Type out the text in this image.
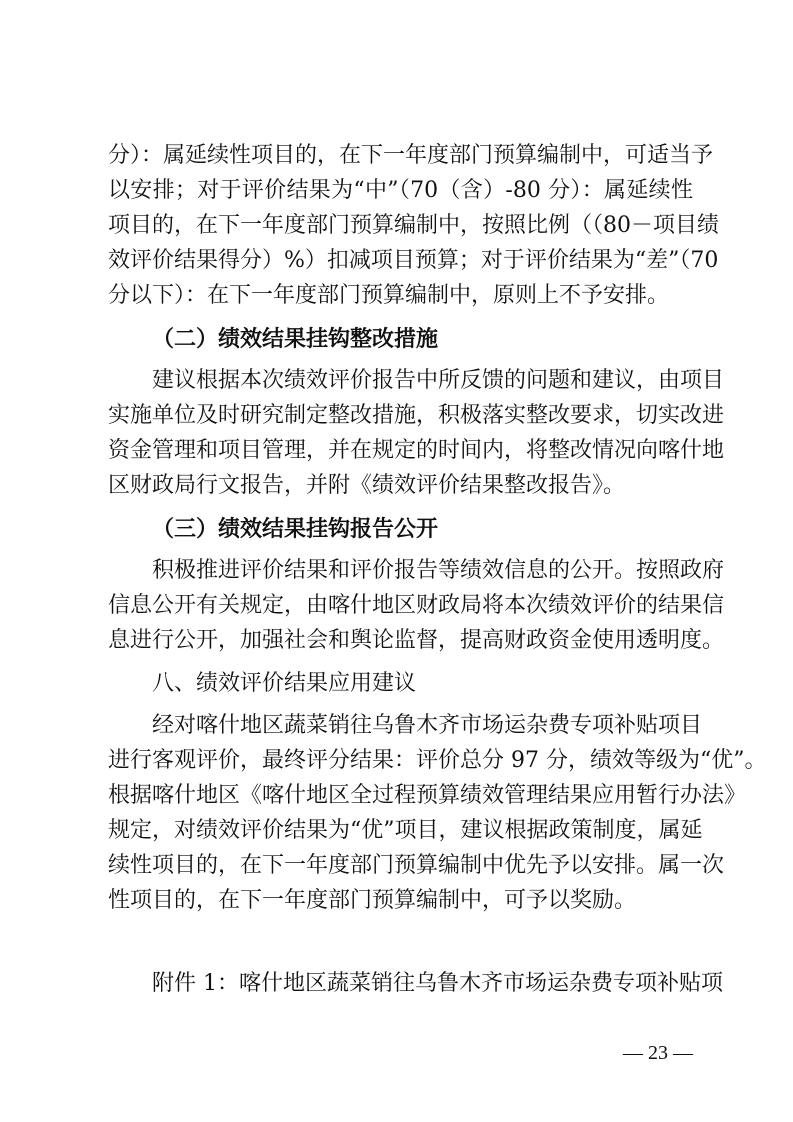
分）：属延续性项目的，在下一年度部门预算编制中，可适当予
以安排；对于评价结果为“中”（70（含）-80 分）：属延续性
项目的，在下一年度部门预算编制中，按照比例（（80－项目绩
效评价结果得分）%）扣减项目预算；对于评价结果为“差”（70
分以下）：在下一年度部门预算编制中，原则上不予安排。
（二）绩效结果挂钩整改措施
建议根据本次绩效评价报告中所反馈的问题和建议，由项目
实施单位及时研究制定整改措施，积极落实整改要求，切实改进
资金管理和项目管理，并在规定的时间内，将整改情况向喀什地
区财政局行文报告，并附《绩效评价结果整改报告》。
（三）绩效结果挂钩报告公开
积极推进评价结果和评价报告等绩效信息的公开。按照政府
信息公开有关规定，由喀什地区财政局将本次绩效评价的结果信
息进行公开，加强社会和舆论监督，提高财政资金使用透明度。
八、绩效评价结果应用建议
经对喀什地区蔬菜销往乌鲁木齐市场运杂费专项补贴项目
进行客观评价，最终评分结果：评价总分 97 分，绩效等级为“优”。
根据喀什地区《喀什地区全过程预算绩效管理结果应用暂行办法》
规定，对绩效评价结果为“优”项目，建议根据政策制度，属延
续性项目的，在下一年度部门预算编制中优先予以安排。属一次
性项目的，在下一年度部门预算编制中，可予以奖励。
附件 1：喀什地区蔬菜销往乌鲁木齐市场运杂费专项补贴项
— 23 —
